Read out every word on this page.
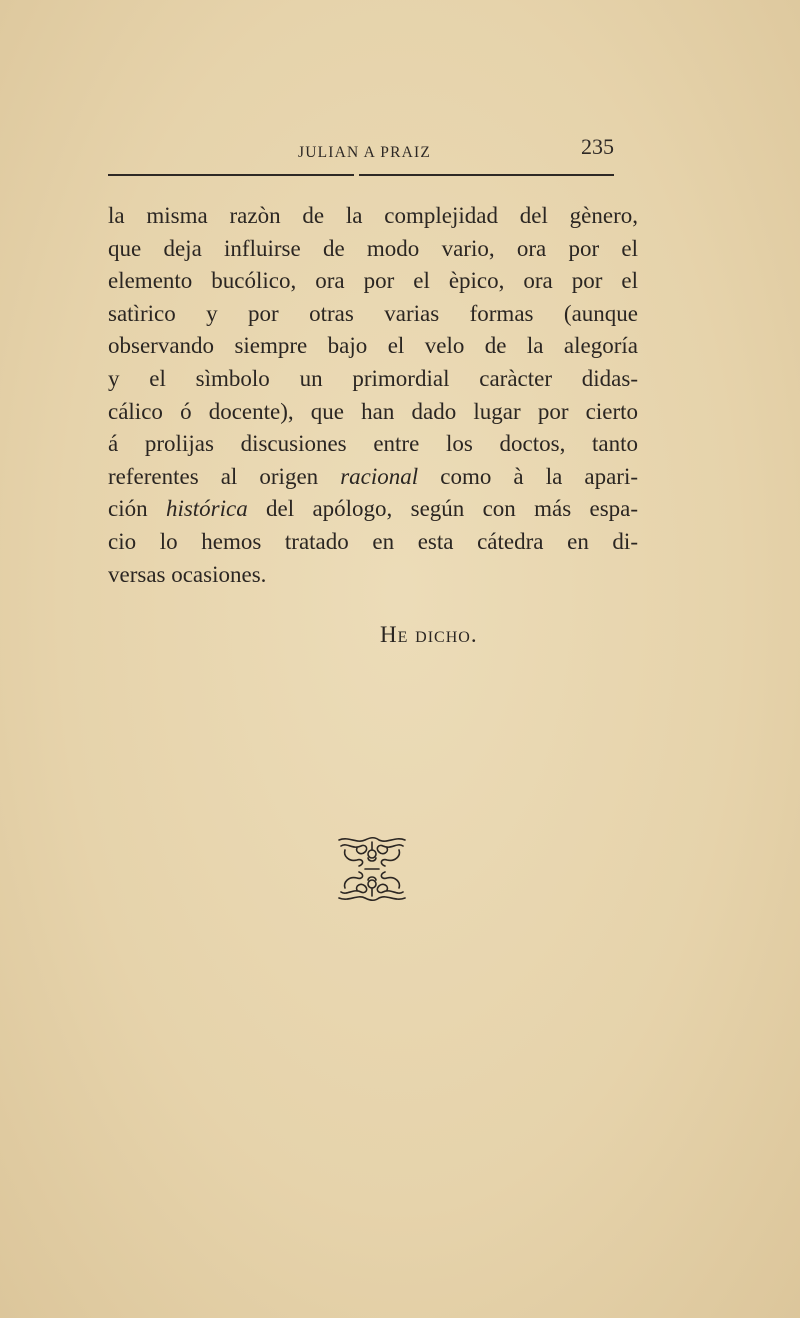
JULIAN A PRAIZ	235
la misma razòn de la complejidad del gènero,
que deja influirse de modo vario, ora por el
elemento bucólico, ora por el èpico, ora por el
satìrico y por otras varias formas (aunque
observando siempre bajo el velo de la alegoría
y el sìmbolo un primordial caràcter didas-
cálico ó docente), que han dado lugar por cierto
á prolijas discusiones entre los doctos, tanto
referentes al origen racional como à la apari-
ción histórica del apólogo, según con más espa-
cio lo hemos tratado en esta cátedra en di-
versas ocasiones.
He dicho.
